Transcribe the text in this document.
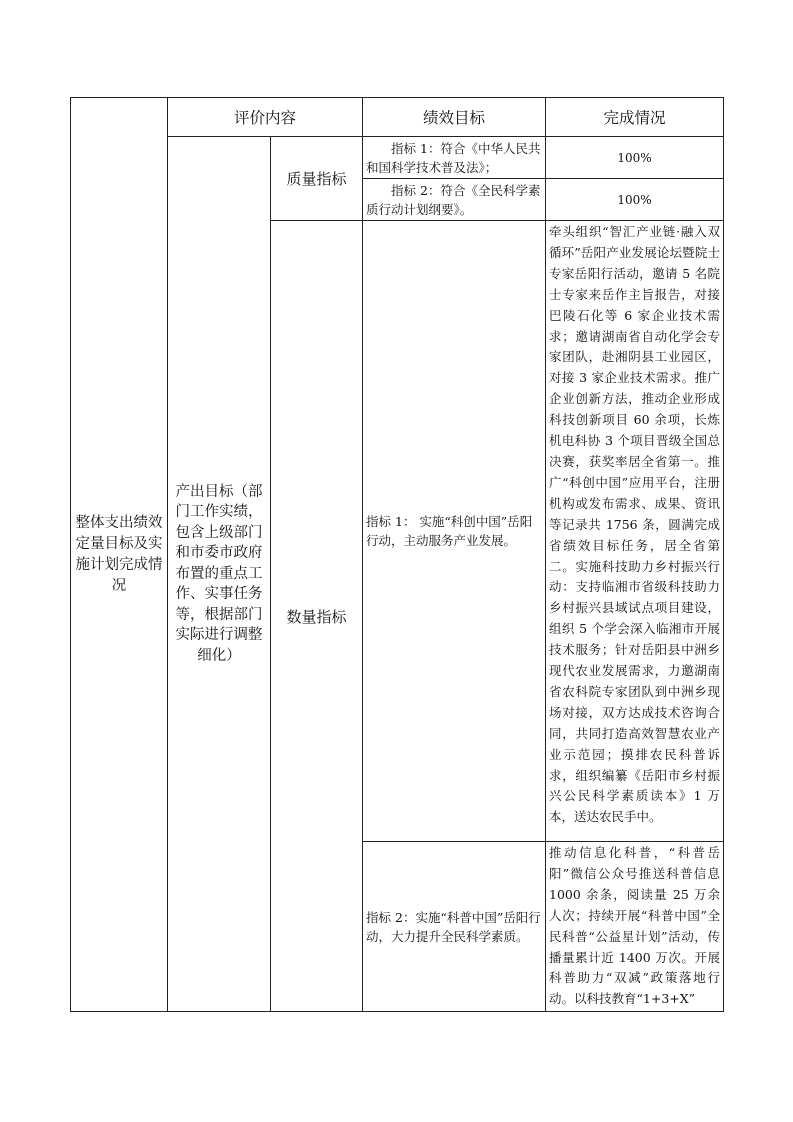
整体支出绩效定量目标及实施计划完成情况	评价内容		绩效目标	完成情况
	产出目标（部门工作实绩，包含上级部门和市委市政府布置的重点工作、实事任务等，根据部门实际进行调整细化）	质量指标	指标 1：符合《中华人民共和国科学技术普及法》；	100%
			指标 2：符合《全民科学素质行动计划纲要》。	100%
		数量指标	指标 1： 实施“科创中国”岳阳行动，主动服务产业发展。	牵头组织“智汇产业链·融入双循环”岳阳产业发展论坛暨院士专家岳阳行活动，邀请 5 名院士专家来岳作主旨报告，对接巴陵石化等 6 家企业技术需求；邀请湖南省自动化学会专家团队，赴湘阴县工业园区，对接 3 家企业技术需求。推广企业创新方法，推动企业形成科技创新项目 60 余项，长炼机电科协 3 个项目晋级全国总决赛，获奖率居全省第一。推广“科创中国”应用平台，注册机构或发布需求、成果、资讯等记录共 1756 条，圆满完成省绩效目标任务，居全省第二。实施科技助力乡村振兴行动：支持临湘市省级科技助力乡村振兴县域试点项目建设，组织 5 个学会深入临湘市开展技术服务；针对岳阳县中洲乡现代农业发展需求，力邀湖南省农科院专家团队到中洲乡现场对接，双方达成技术咨询合同，共同打造高效智慧农业产业示范园；摸排农民科普诉求，组织编纂《岳阳市乡村振兴公民科学素质读本》1 万本，送达农民手中。
			指标 2：实施“科普中国”岳阳行动，大力提升全民科学素质。	推动信息化科普，“科普岳阳”微信公众号推送科普信息 1000 余条，阅读量 25 万余人次；持续开展“科普中国”全民科普“公益星计划”活动，传播量累计近 1400 万次。开展科普助力“双减”政策落地行动。以科技教育“1+3+X”
